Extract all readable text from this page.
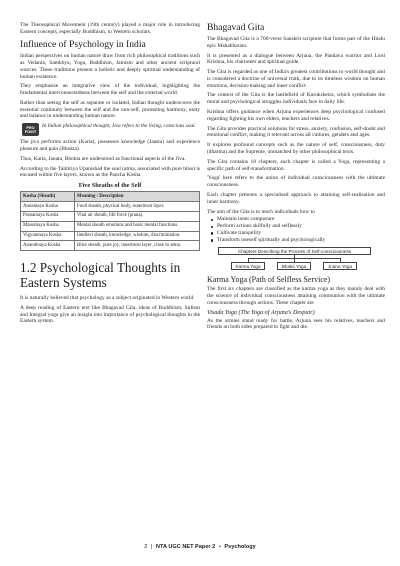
The Theosophical Movement (19th century) played a major role in introducing Eastern concepts, especially Buddhism, to Western scholars.

Influence of Psychology in India

Indian perspectives on human nature draw from rich philosophical traditions such as Vedanta, Samkhya, Yoga, Buddhism, Jainism and other ancient scriptural sources. These traditions present a holistic and deeply spiritual understanding of human existence.

They emphasise an integrative view of the individual, highlighting the fundamental interconnectedness between the self and the external world.

Rather than seeing the self as separate or isolated, Indian thought underscores the essential continuity between the self and the non-self, promoting harmony, unity and balance in understanding human nature.

PRO
POINT
In Indian philosophical thought, Jiva refers to the living, conscious soul.

The jiva performs action (Karta), possesses knowledge (Jaasta) and experience pleasure and pain (Bhokta).

Thus, Karta, Janata, Bhokta are understood as functional aspects of the Jiva.

According to the Taittiriya Upanishad the soul (atma, associated with pure bliss) is encased within five layers, known as the Pancha Kosha

Five Sheaths of the Self
Kosha (Sheath)	Meaning / Description
Annamaya Kosha	Food sheath, physical body, outermost layer.
Pranamaya Kosha	Vital air sheath, life force (prana).
Manomaya Kosha	Mental sheath emotions and basic mental functions.
Vigyanmaya Kosha	Intellect sheath, knowledge, wisdom, discrimination.
Anandmaya Kosha	Bliss sheath, pure joy, innermost layer, close to atma.
1.2 Psychological Thoughts in Eastern Systems

It is naturally believed that psychology as a subject originated in Western world.

A deep reading of Eastern text like Bhagavad Gita, ideas of Buddhism, Sufism and Integral yoga give an insight into importance of psychological thoughts in the Eastern system.

Bhagavad Gita

The Bhagavad Gita is a 700-verse Sanskrit scripture that forms part of the Hindu epic Mahabharata.

It is presented as a dialogue between Arjuna, the Pandava warrior and Lord Krishna, his charioteer and spiritual guide.

The Gita is regarded as one of India's greatest contributions to world thought and is considered a doctrine of universal truth, due to its timeless wisdom on human emotions, decision-making and inner conflict.

The context of the Gita is the battlefield of Kurukshetra, which symbolises the moral and psychological struggles individuals face in daily life.

Krishna offers guidance when Arjuna experiences deep psychological confused regarding fighting his own elders, teachers and relatives.

The Gita provides practical solutions for stress, anxiety, confusion, self-doubt and emotional conflict, making it relevant across all cultures, genders and ages.

It explores profound concepts such as the nature of self, consciousness, duty (dharma) and the Supreme, unmatched by other philosophical texts.

The Gita contains 18 chapters, each chapter is called a Yoga, representing a specific path of self-transformation.

'Yoga' here refers to the union of individual consciousness with the ultimate consciousness.

Each chapter presents a specialised approach to attaining self-realisation and inner harmony.

The aim of the Gita is to teach individuals how to

Maintain inner composure
Perform actions skilfully and selflessly
Cultivate tranquility
Transform oneself spiritually and psychologically
Chapters Describing the Process of Self-consciousness
Karma Yoga	Bhakti Yoga	Jnana Yoga
Karma Yoga (Path of Selfless Service)

The first six chapters are classified as the karma yoga as they mainly deal with the science of individual consciousness attaining communion with the ultimate consciousness through actions. These chapter are

Visada Yoga (The Yoga of Arjuna's Despair)

As the armies stand ready for battle, Arjuna sees his relatives, teachers and friends on both sides prepared to fight and die.

2 | NTA UGC NET Paper 2 • Psychology
